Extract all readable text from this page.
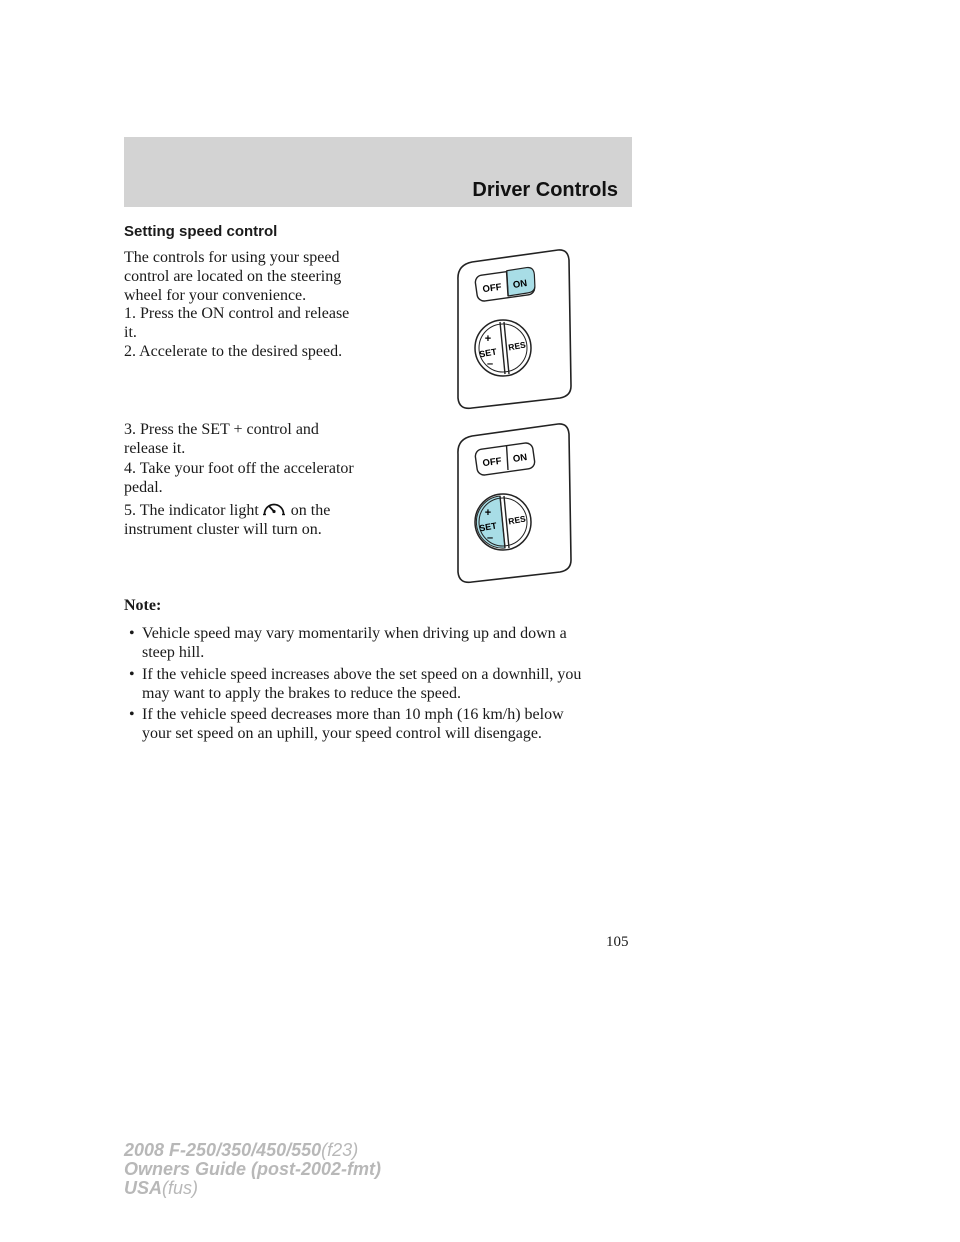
Driver Controls
Setting speed control
The controls for using your speed
control are located on the steering
wheel for your convenience.
1. Press the ON control and release
it.
2. Accelerate to the desired speed.
3. Press the SET + control and
release it.
4. Take your foot off the accelerator
pedal.
5. The indicator light on the
instrument cluster will turn on.
OFF ON
+
SET
–
RES
OFF ON
+
SET
–
RES
Note:
• Vehicle speed may vary momentarily when driving up and down a
steep hill.
• If the vehicle speed increases above the set speed on a downhill, you
may want to apply the brakes to reduce the speed.
• If the vehicle speed decreases more than 10 mph (16 km/h) below
your set speed on an uphill, your speed control will disengage.
105
2008 F-250/350/450/550(f23)
Owners Guide (post-2002-fmt)
USA(fus)
